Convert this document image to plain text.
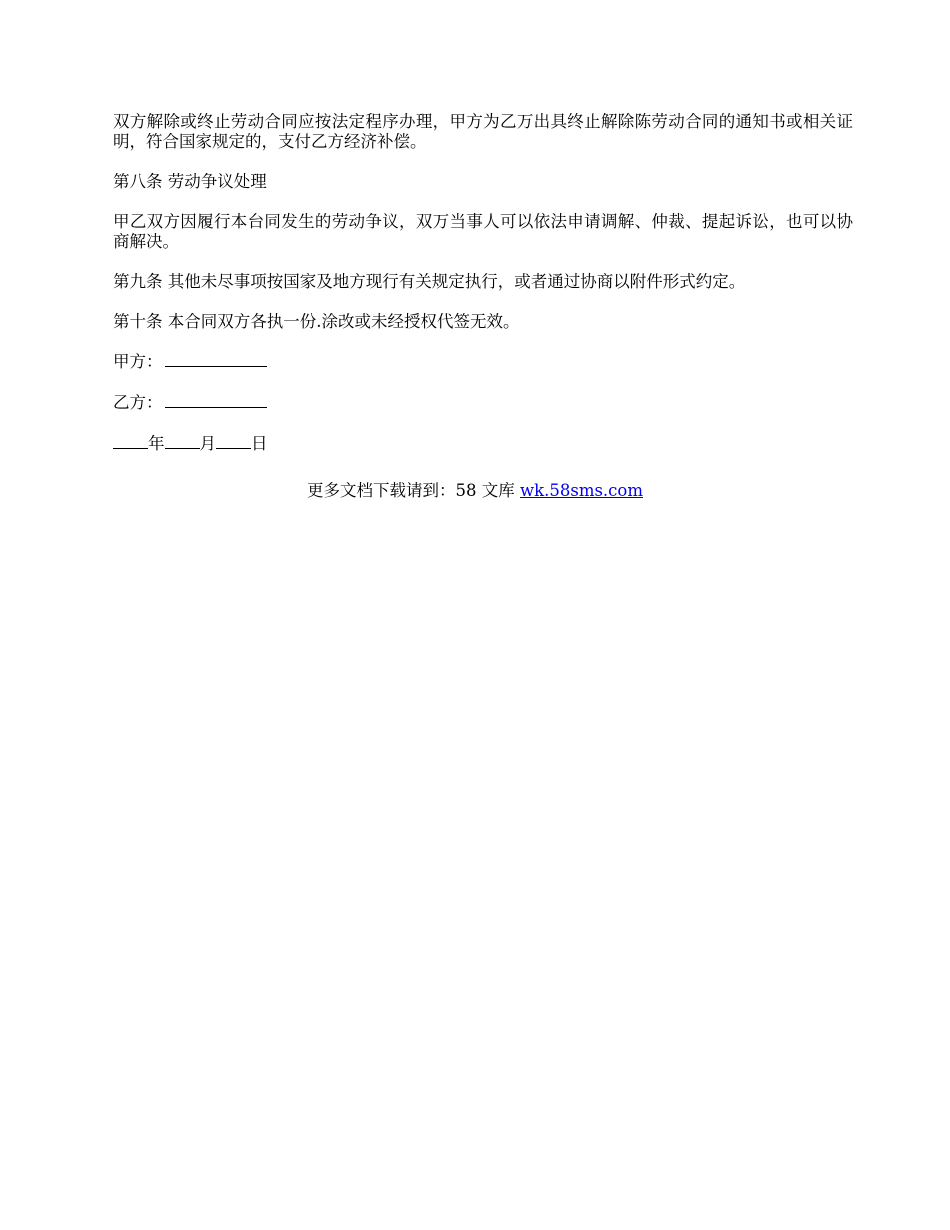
双方解除或终止劳动合同应按法定程序办理，甲方为乙万出具终止解除陈劳动合同的通知书或相关证明，符合国家规定的，支付乙方经济补偿。

第八条 劳动争议处理

甲乙双方因履行本台同发生的劳动争议，双万当事人可以依法申请调解、仲裁、提起诉讼，也可以协商解决。

第九条 其他未尽事项按国家及地方现行有关规定执行，或者通过协商以附件形式约定。

第十条 本合同双方各执一份.涂改或未经授权代签无效。

甲方：
乙方：
年 月 日
更多文档下载请到：58 文库 wk.58sms.com
